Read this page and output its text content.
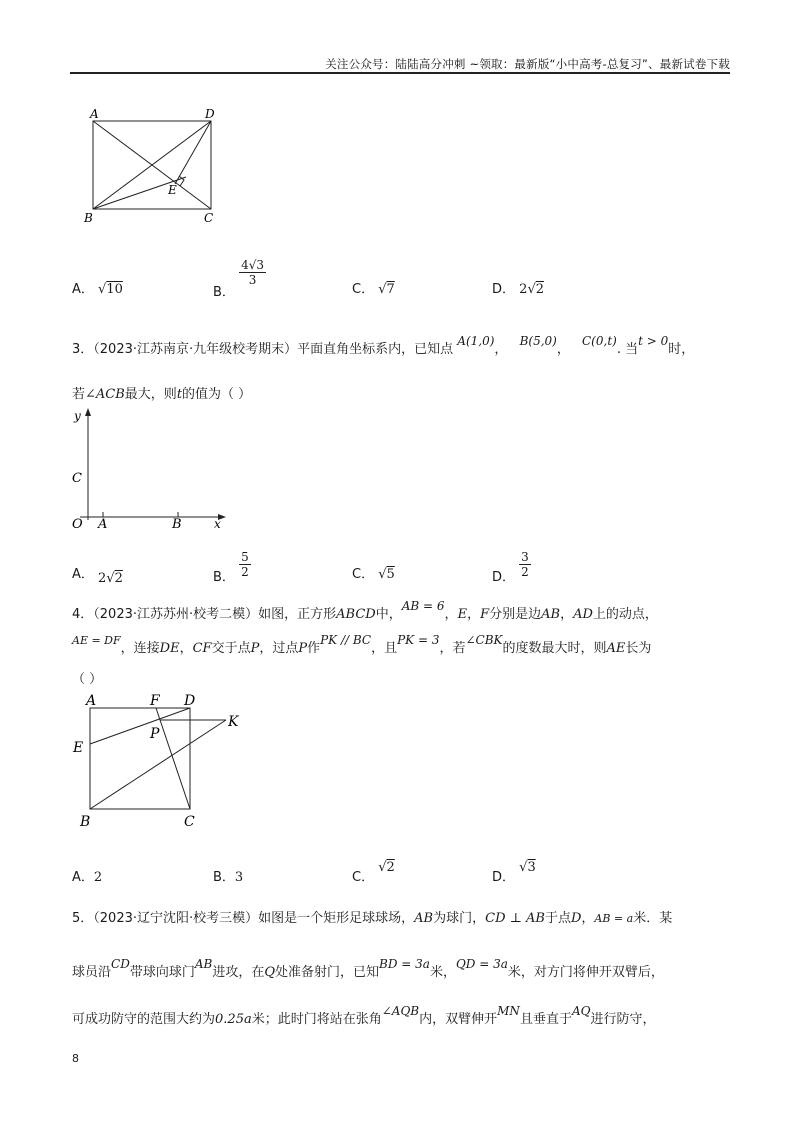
关注公众号：陆陆高分冲刺 ~领取：最新版“小中高考-总复习”、最新试卷下载
A	D
B	C
E
A． √10	B．
$\frac{4√3}{3}$
C． √7	D． 2√2
3．（2023·江苏南京·九年级校考期末）平面直角坐标系内，已知点 A(1,0)， B(5,0)， C(0,t). 当t > 0时，
若∠ACB最大，则t的值为（ ）
y
C
O A	B	x
A． 2√2	B． $\frac{5}{2}$	C． √5	D． $\frac{3}{2}$
4．（2023·江苏苏州·校考二模）如图，正方形ABCD中，AB = 6，E，F分别是边AB，AD上的动点，
$^{AE = DF}$，连接DE，CF交于点P，过点P作PK // BC，且PK = 3，若∠CBK的度数最大时，则AE长为
（ ）
A	F D
P
K
E
B	C
A．2	B．3	C． √2
D． √3
5．（2023·辽宁沈阳·校考三模）如图是一个矩形足球球场，AB为球门，CD ⊥ AB于点D，AB = a米．某
球员沿CD带球向球门AB进攻，在Q处准备射门，已知BD = 3a米，QD = 3a米，对方门将伸开双臂后，
可成功防守的范围大约为0.25a米；此时门将站在张角∠AQB内，双臂伸开MN且垂直于AQ进行防守，
8
